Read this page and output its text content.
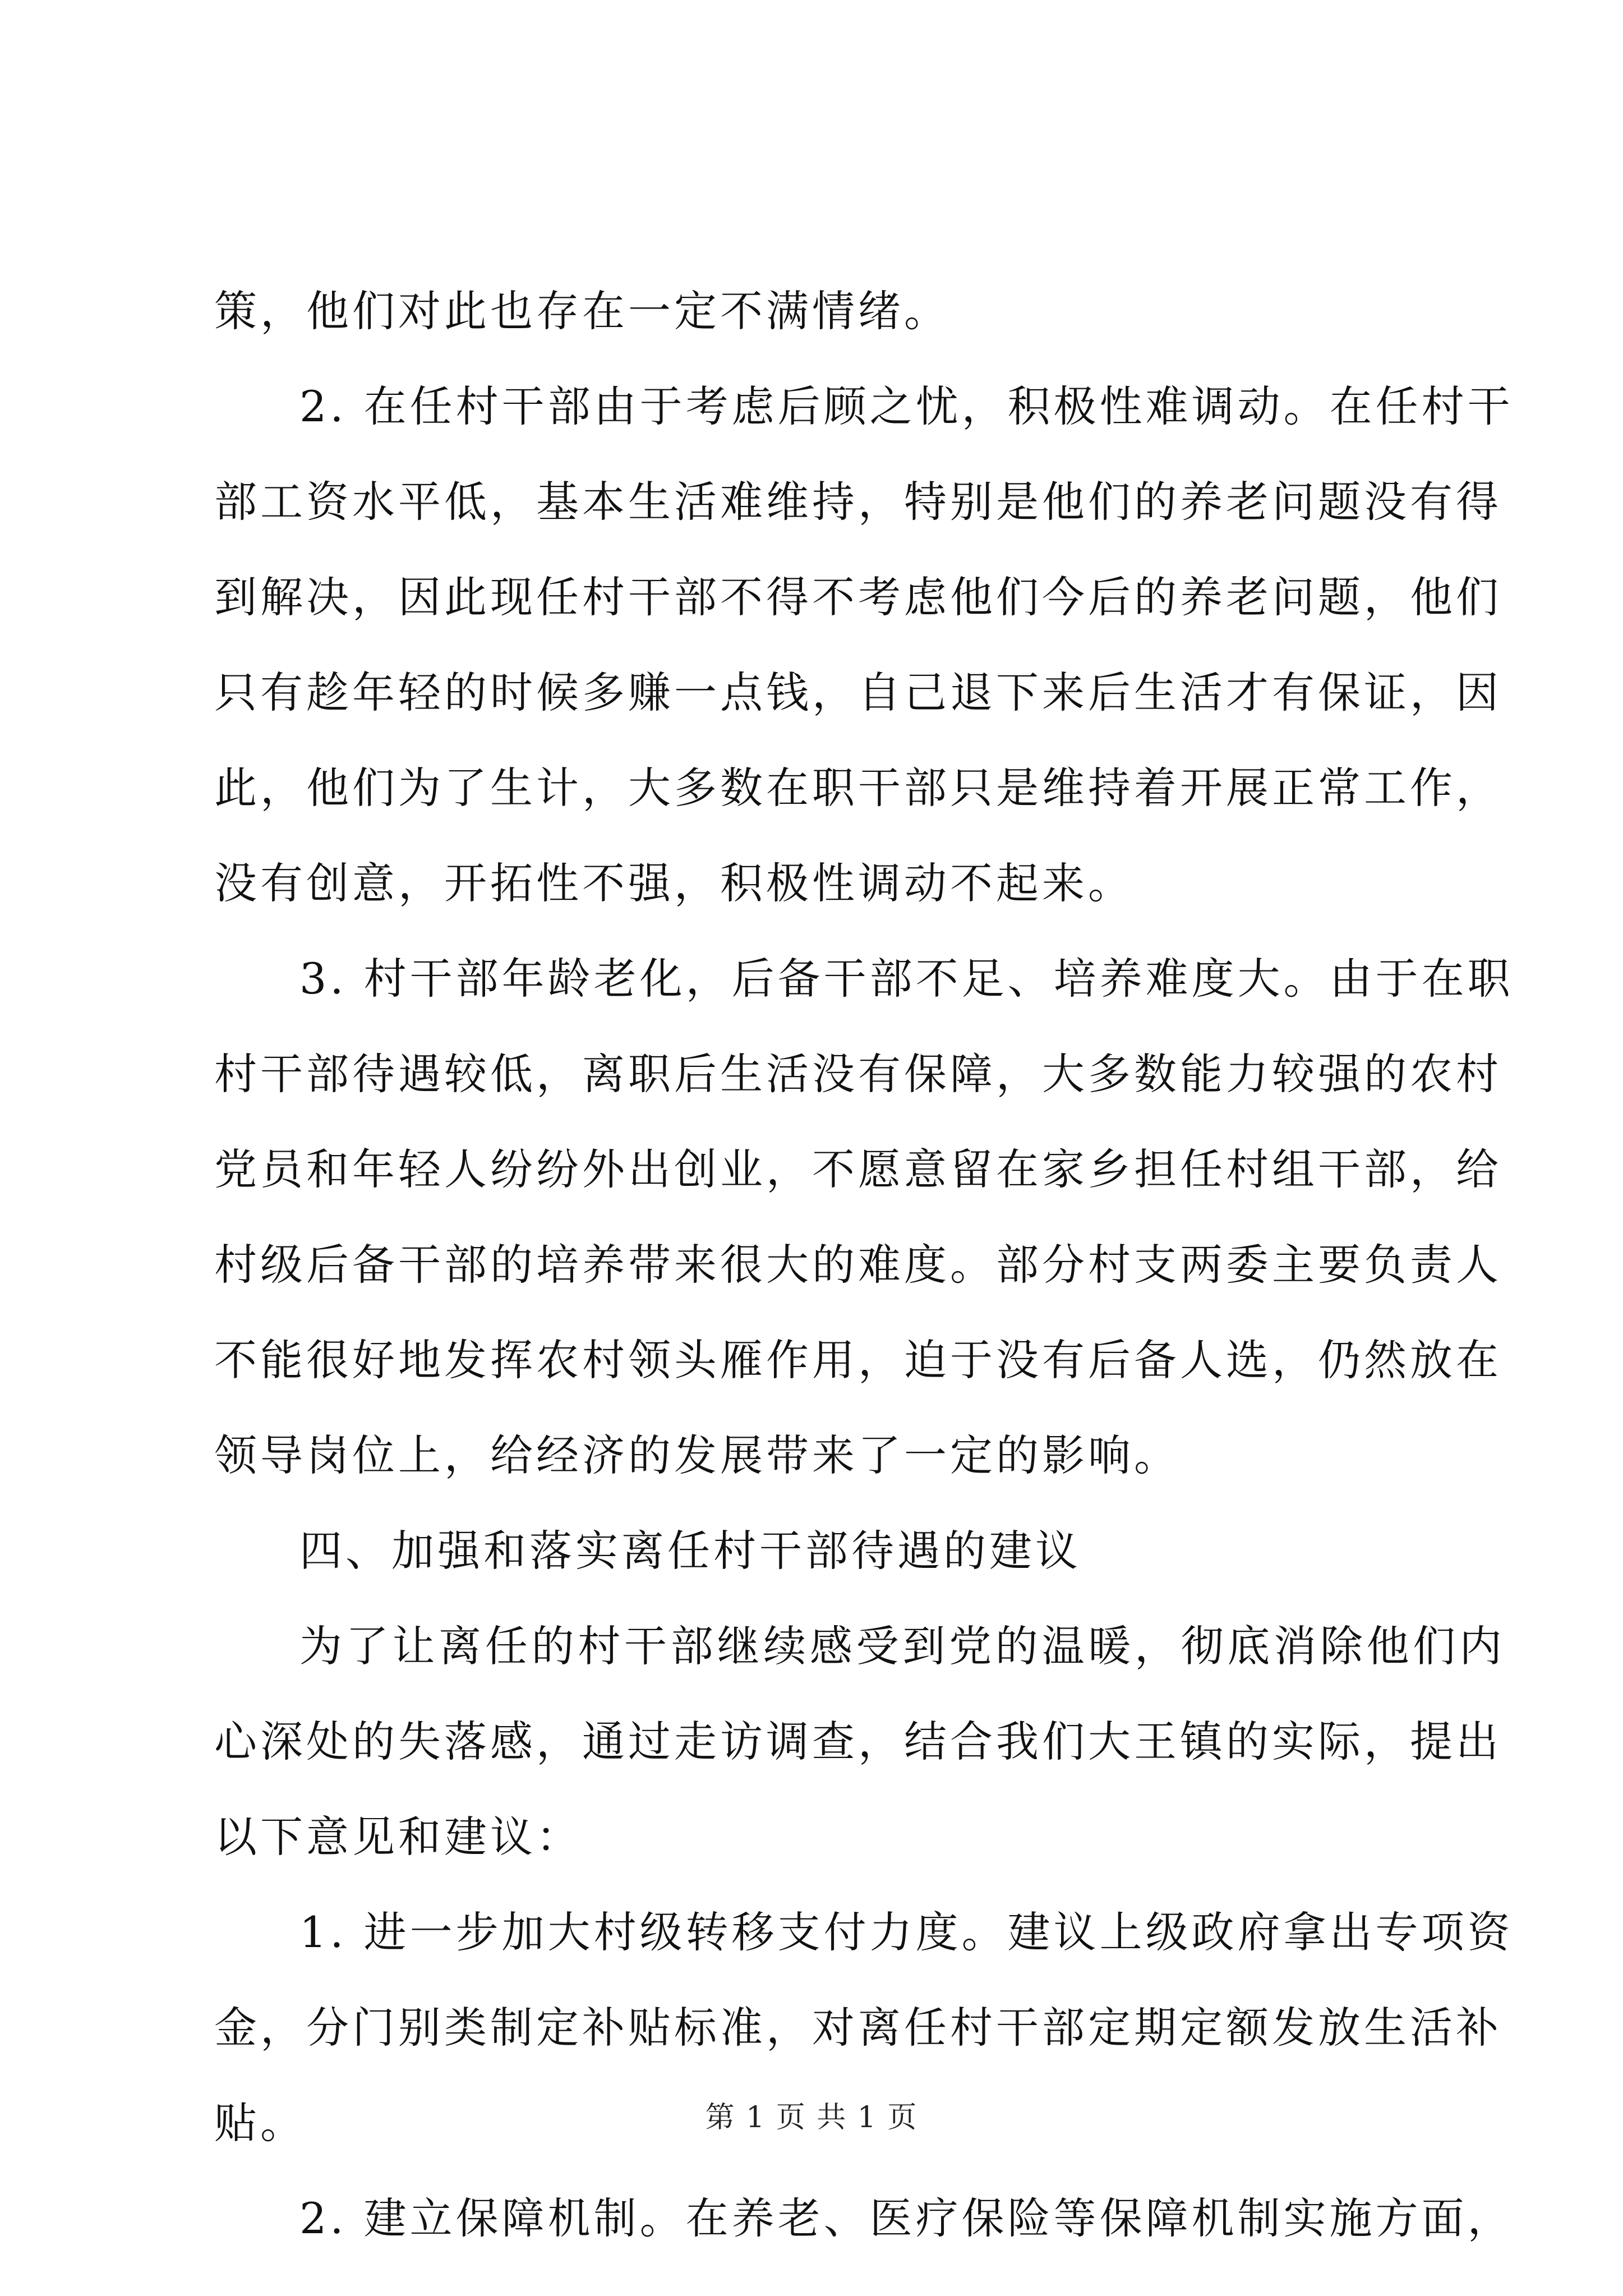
策，他们对此也存在一定不满情绪。
2. 在任村干部由于考虑后顾之忧，积极性难调动。在任村干
部工资水平低，基本生活难维持，特别是他们的养老问题没有得
到解决，因此现任村干部不得不考虑他们今后的养老问题，他们
只有趁年轻的时候多赚一点钱，自己退下来后生活才有保证，因
此，他们为了生计，大多数在职干部只是维持着开展正常工作，
没有创意，开拓性不强，积极性调动不起来。
3. 村干部年龄老化，后备干部不足、培养难度大。由于在职
村干部待遇较低，离职后生活没有保障，大多数能力较强的农村
党员和年轻人纷纷外出创业，不愿意留在家乡担任村组干部，给
村级后备干部的培养带来很大的难度。部分村支两委主要负责人
不能很好地发挥农村领头雁作用，迫于没有后备人选，仍然放在
领导岗位上，给经济的发展带来了一定的影响。
四、加强和落实离任村干部待遇的建议
为了让离任的村干部继续感受到党的温暖，彻底消除他们内
心深处的失落感，通过走访调查，结合我们大王镇的实际，提出
以下意见和建议：
1. 进一步加大村级转移支付力度。建议上级政府拿出专项资
金，分门别类制定补贴标准，对离任村干部定期定额发放生活补
贴。
2. 建立保障机制。在养老、医疗保险等保障机制实施方面，
第 1 页 共 1 页
